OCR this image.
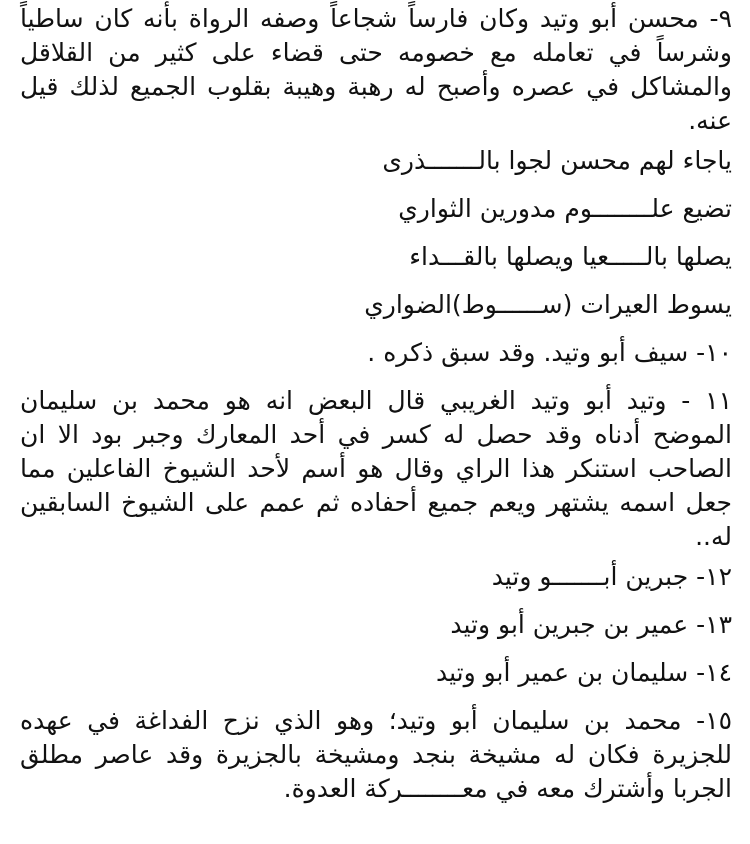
٩- محسن أبو وتيد وكان فارساً شجاعاً وصفه الرواة بأنه كان ساطياً وشرساً في تعامله مع خصومه حتى قضاء على كثير من القلاقل والمشاكل في عصره وأصبح له رهبة وهيبة بقلوب الجميع لذلك قيل عنه.

ياجاء لهم محسن لجوا بالـــــــذرى

تضيع علــــــــوم مدورين الثواري

يصلها بالـــــعيا ويصلها بالقـــداء

يسوط العيرات (ســــــوط)الضواري

١٠- سيف أبو وتيد. وقد سبق ذكره .

١١ - وتيد أبو وتيد الغريبي قال البعض انه هو محمد بن سليمان الموضح أدناه وقد حصل له كسر في أحد المعارك وجبر بود الا ان الصاحب استنكر هذا الراي وقال هو أسم لأحد الشيوخ الفاعلين مما جعل اسمه يشتهر ويعم جميع أحفاده ثم عمم على الشيوخ السابقين له..

١٢- جبرين أبـــــــو وتيد

١٣- عمير بن جبرين أبو وتيد

١٤- سليمان بن عمير أبو وتيد

١٥- محمد بن سليمان أبو وتيد؛ وهو الذي نزح الفداغة في عهده للجزيرة فكان له مشيخة بنجد ومشيخة بالجزيرة وقد عاصر مطلق الجربا وأشترك معه في معــــــــركة العدوة.
